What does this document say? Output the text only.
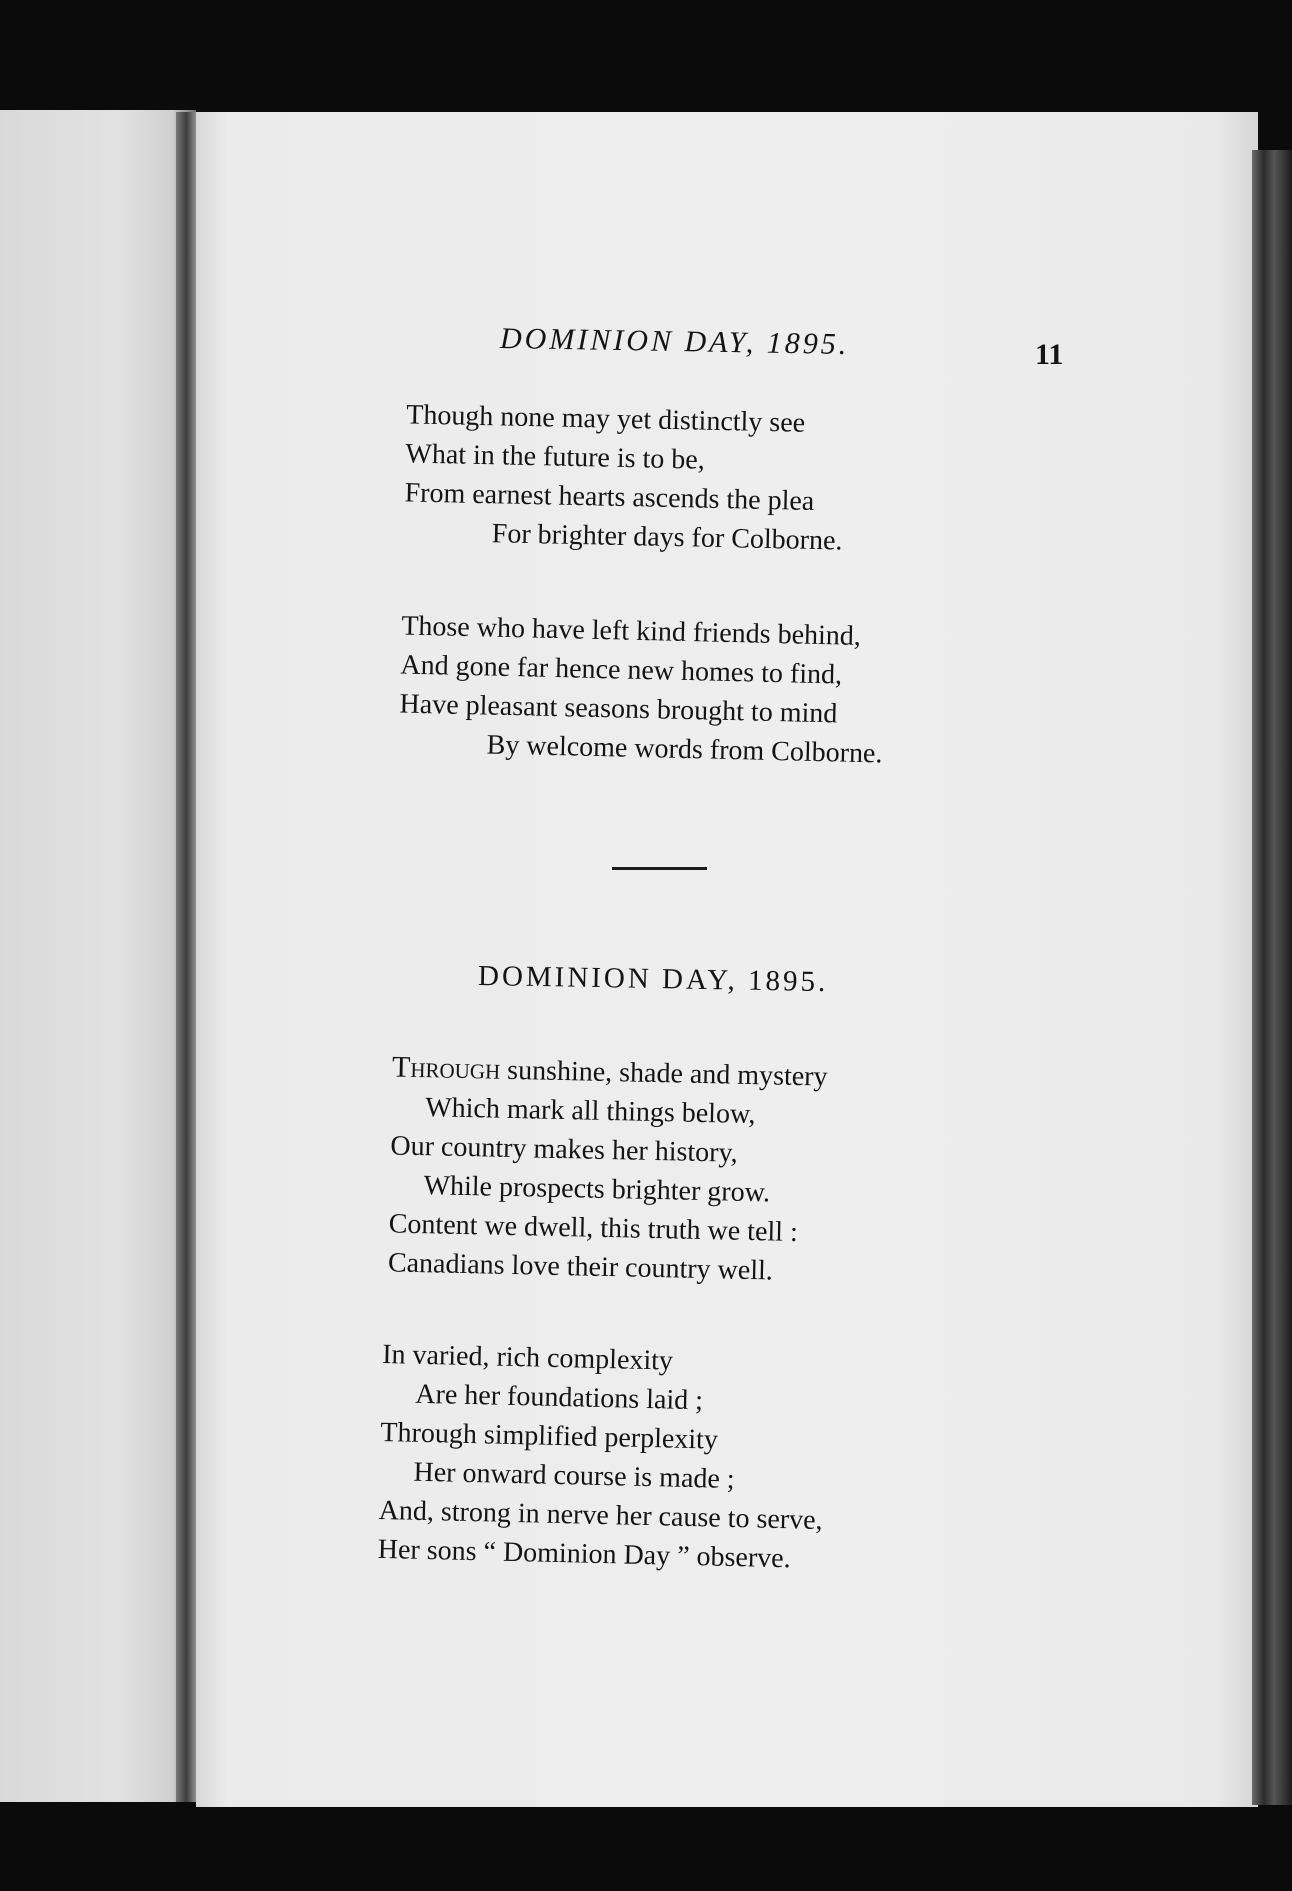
DOMINION DAY, 1895.	11
Though none may yet distinctly see
What in the future is to be,
From earnest hearts ascends the plea
For brighter days for Colborne.
Those who have left kind friends behind,
And gone far hence new homes to find,
Have pleasant seasons brought to mind
By welcome words from Colborne.
DOMINION DAY, 1895.
Through sunshine, shade and mystery
Which mark all things below,
Our country makes her history,
While prospects brighter grow.
Content we dwell, this truth we tell :
Canadians love their country well.
In varied, rich complexity
Are her foundations laid ;
Through simplified perplexity
Her onward course is made ;
And, strong in nerve her cause to serve,
Her sons “ Dominion Day ” observe.
